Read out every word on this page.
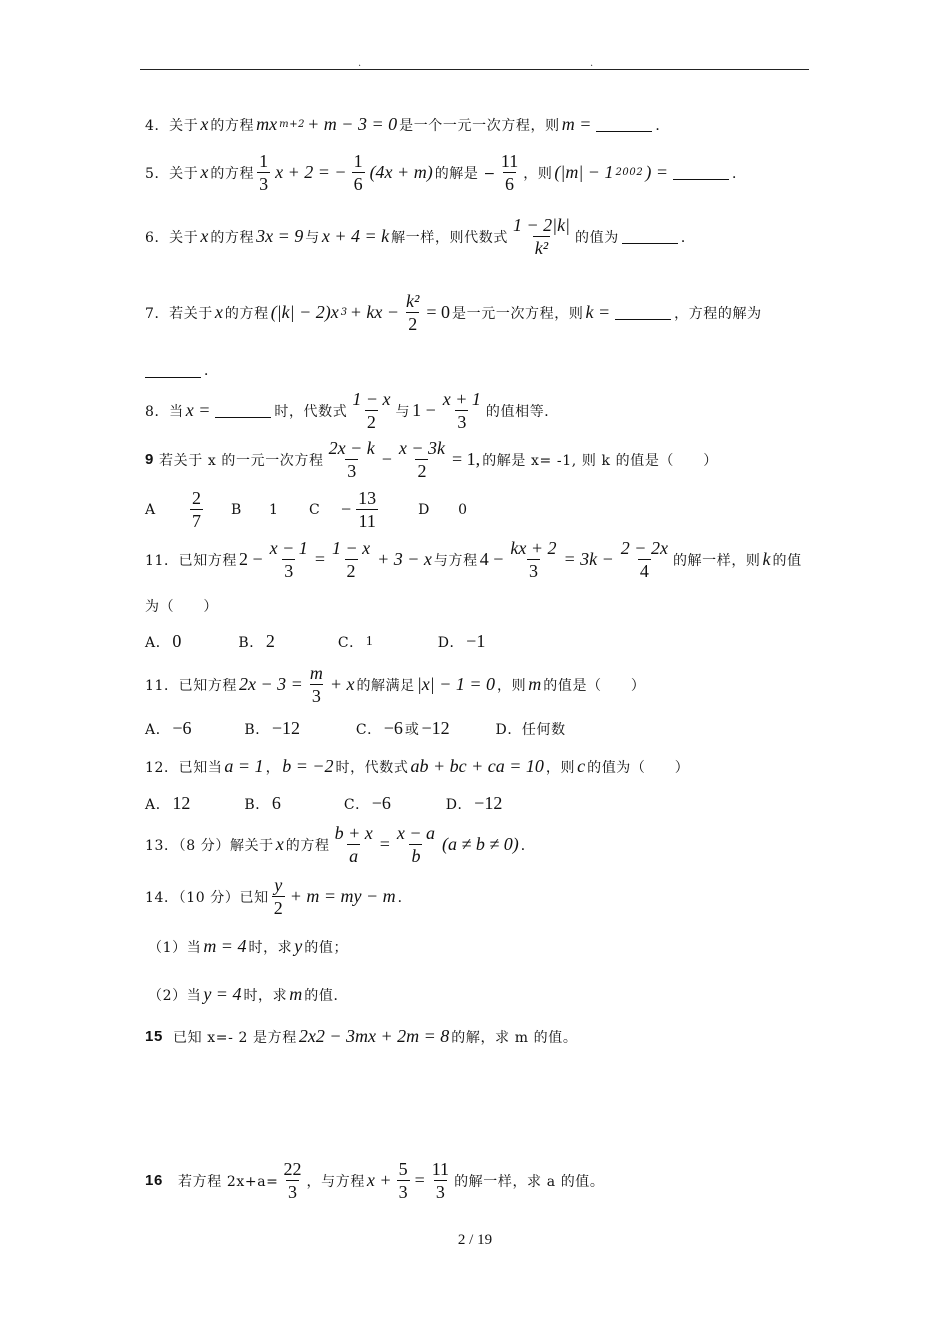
.	.
4．关于 x 的方程 mx m+2 + m − 3 = 0 是一个一元一次方程，则 m =	．
5．关于 x 的方程 $\frac{1}{3}$ x + 2 = − $\frac{1}{6} (4x + m)$ 的解是 − $\frac{11}{6}$ ，则 (|m| − 1 2002 ) =	．
6．关于 x 的方程 3x = 9 与 x + 4 = k 解一样，则代数式 $\frac{1 - 2|k|}{\text{k²}}$ 的值为	．
7．若关于 x 的方程 (|k| − 2)x 3 + kx − $\frac{\text{k²}}{2} = 0$ 是一元一次方程，则 k =	，方程的解为
．
8．当 x =	时，代数式 $\frac{1 - x}{2}$ 与 $1 - \frac{x + 1}{3}$ 的值相等．
9
若关于 x 的一元一次方程 $\frac{2x - k}{3} - \frac{x - 3k}{2} = 1$, 的解是 x= -1, 则 k 的值是（　　）
A	$\frac{2}{7}$ B	1	C	− $\frac{13}{11}$	D	0
11．已知方程 $2 - \frac{x - 1}{3} = \frac{1 - x}{2} + 3 - x$ 与方程 $4 - \frac{kx + 2}{3} = 3k - \frac{2 - 2x}{4}$ 的解一样，则 k 的值
为（　　）
A． 0	B． 2	C． 1	D． −1
11．已知方程 $2x - 3 = \frac{m}{3} + x$ 的解满足 |x| − 1 = 0 ，则 m 的值是（　　）
A． −6	B． −12	C． −6 或 −12	D．任何数
12．已知当 a = 1 ， b = −2 时，代数式 ab + bc + ca = 10 ，则 c 的值为（　　）
A． 12	B． 6	C． −6	D． −12
13．（8 分）解关于 x 的方程 $\frac{b + x}{a} = \frac{x - a}{b} (a \ne b \ne 0)$ ．
14．（10 分）已知 $\frac{y}{2} + m$ = my − m ．
（1）当 m = 4 时，求 y 的值；
（2）当 y = 4 时，求 m 的值．
15
已知 x=- 2 是方程 2x2 − 3mx + 2m = 8 的解，求 m 的值。
16
若方程 $2x+a= \frac{22}{3}$ ，与方程 $x + \frac{5}{3} = \frac{11}{3}$ 的解一样，求 a 的值。
2 / 19
